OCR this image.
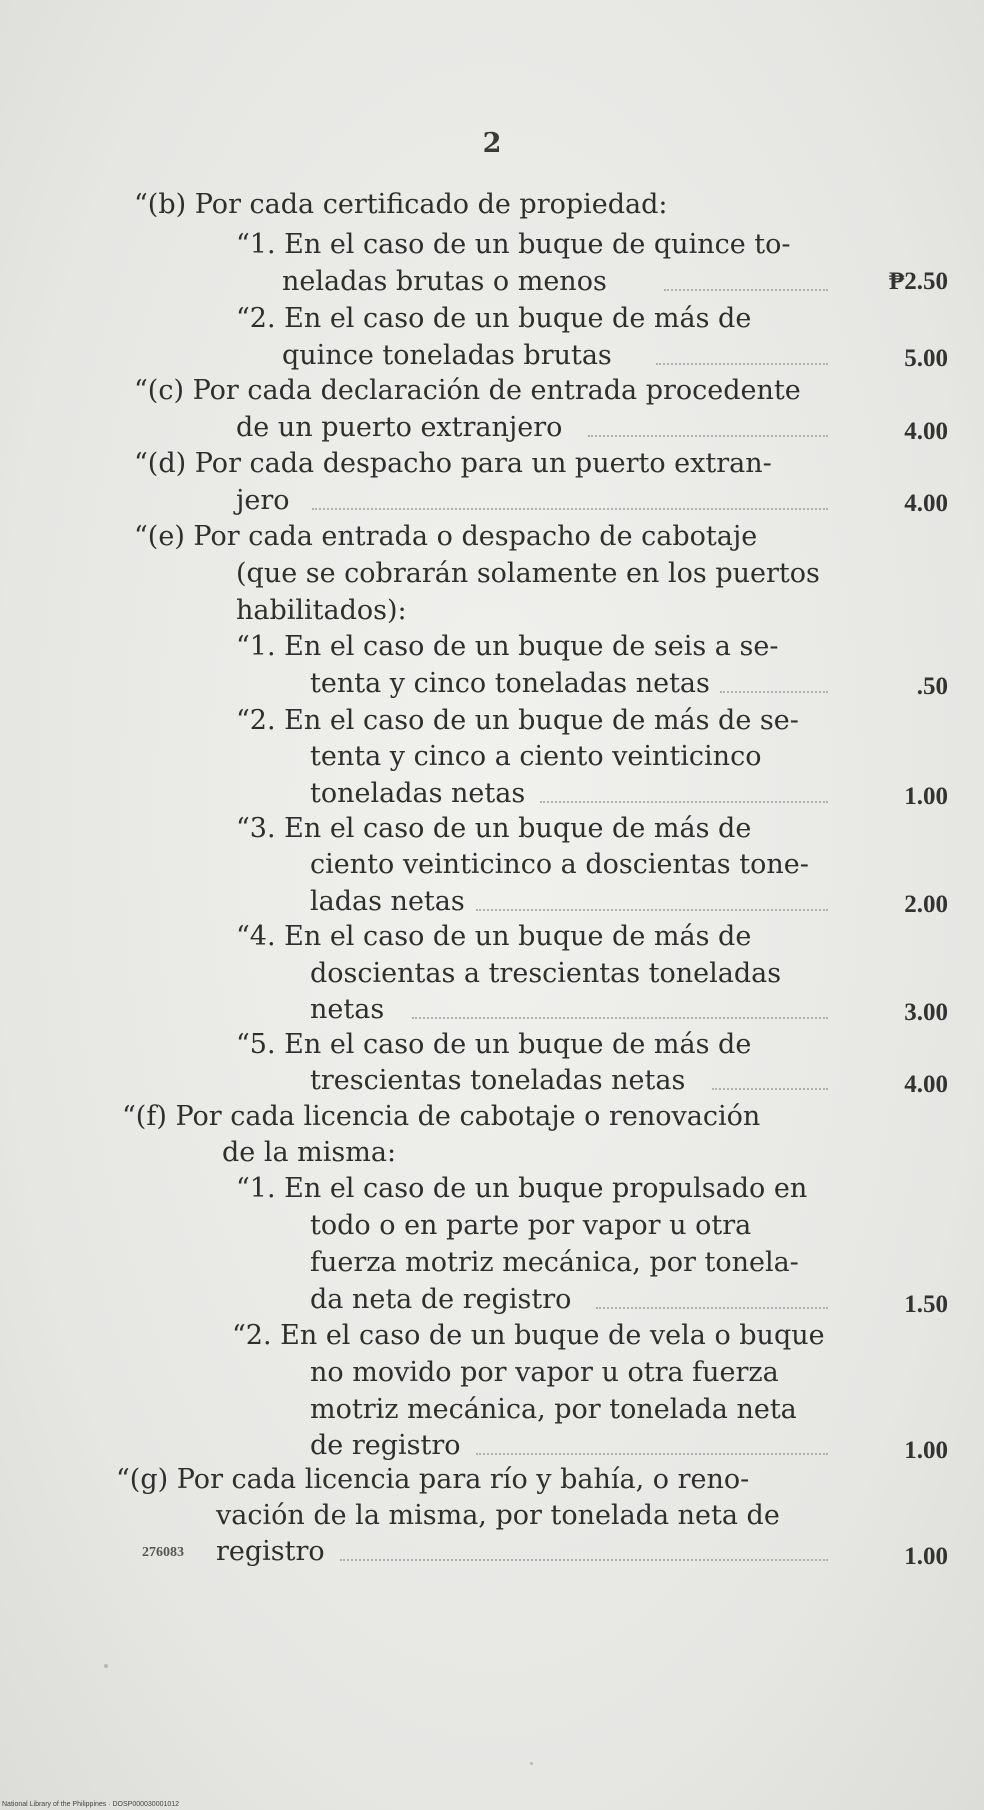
2
“(b) Por cada certificado de propiedad:
“1. En el caso de un buque de quince to-
neladas brutas o menos	₱2.50
“2. En el caso de un buque de más de
quince toneladas brutas	5.00
“(c) Por cada declaración de entrada procedente
de un puerto extranjero	4.00
“(d) Por cada despacho para un puerto extran-
jero	4.00
“(e) Por cada entrada o despacho de cabotaje
(que se cobrarán solamente en los puertos
habilitados):
“1. En el caso de un buque de seis a se-
tenta y cinco toneladas netas	.50
“2. En el caso de un buque de más de se-
tenta y cinco a ciento veinticinco
toneladas netas	1.00
“3. En el caso de un buque de más de
ciento veinticinco a doscientas tone-
ladas netas	2.00
“4. En el caso de un buque de más de
doscientas a trescientas toneladas
netas	3.00
“5. En el caso de un buque de más de
trescientas toneladas netas	4.00
“(f) Por cada licencia de cabotaje o renovación
de la misma:
“1. En el caso de un buque propulsado en
todo o en parte por vapor u otra
fuerza motriz mecánica, por tonela-
da neta de registro	1.50
“2. En el caso de un buque de vela o buque
no movido por vapor u otra fuerza
motriz mecánica, por tonelada neta
de registro	1.00
“(g) Por cada licencia para río y bahía, o reno-
vación de la misma, por tonelada neta de
registro	1.00
276083
National Library of the Philippines · DOSP000030001012
